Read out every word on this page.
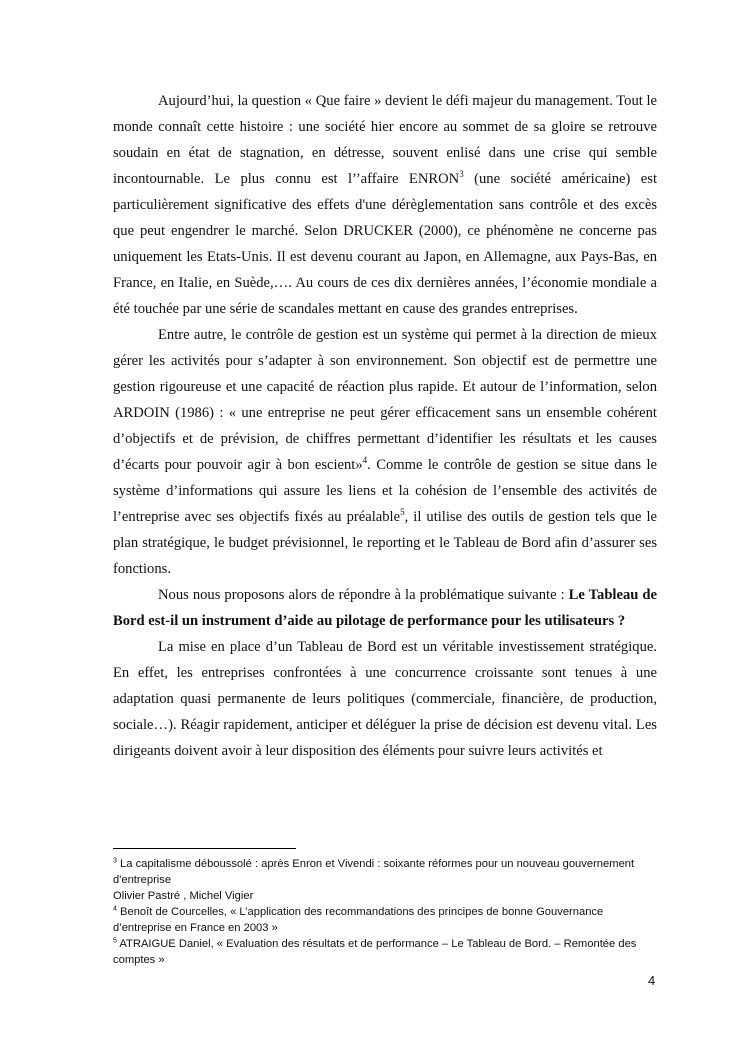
Aujourd’hui, la question « Que faire » devient le défi majeur du management. Tout le monde connaît cette histoire : une société hier encore au sommet de sa gloire se retrouve soudain en état de stagnation, en détresse, souvent enlisé dans une crise qui semble incontournable. Le plus connu est l’’affaire ENRON$^3$ (une société américaine) est particulièrement significative des effets d'une dérèglementation sans contrôle et des excès que peut engendrer le marché. Selon DRUCKER (2000), ce phénomène ne concerne pas uniquement les Etats-Unis. Il est devenu courant au Japon, en Allemagne, aux Pays-Bas, en France, en Italie, en Suède,…. Au cours de ces dix dernières années, l’économie mondiale a été touchée par une série de scandales mettant en cause des grandes entreprises.

Entre autre, le contrôle de gestion est un système qui permet à la direction de mieux gérer les activités pour s’adapter à son environnement. Son objectif est de permettre une gestion rigoureuse et une capacité de réaction plus rapide. Et autour de l’information, selon ARDOIN (1986) : « une entreprise ne peut gérer efficacement sans un ensemble cohérent d’objectifs et de prévision, de chiffres permettant d’identifier les résultats et les causes d’écarts pour pouvoir agir à bon escient»$^4$. Comme le contrôle de gestion se situe dans le système d’informations qui assure les liens et la cohésion de l’ensemble des activités de l’entreprise avec ses objectifs fixés au préalable$^5$, il utilise des outils de gestion tels que le plan stratégique, le budget prévisionnel, le reporting et le Tableau de Bord afin d’assurer ses fonctions.

Nous nous proposons alors de répondre à la problématique suivante : Le Tableau de Bord est-il un instrument d’aide au pilotage de performance pour les utilisateurs ?

La mise en place d’un Tableau de Bord est un véritable investissement stratégique. En effet, les entreprises confrontées à une concurrence croissante sont tenues à une adaptation quasi permanente de leurs politiques (commerciale, financière, de production, sociale…). Réagir rapidement, anticiper et déléguer la prise de décision est devenu vital. Les dirigeants doivent avoir à leur disposition des éléments pour suivre leurs activités et

$^3$ La capitalisme déboussolé : après Enron et Vivendi : soixante réformes pour un nouveau gouvernement d'entreprise
Olivier Pastré , Michel Vigier
$^4$ Benoît de Courcelles, « L’application des recommandations des principes de bonne Gouvernance d’entreprise en France en 2003 »
$^5$ ATRAIGUE Daniel, « Evaluation des résultats et de performance – Le Tableau de Bord. – Remontée des comptes »
4
